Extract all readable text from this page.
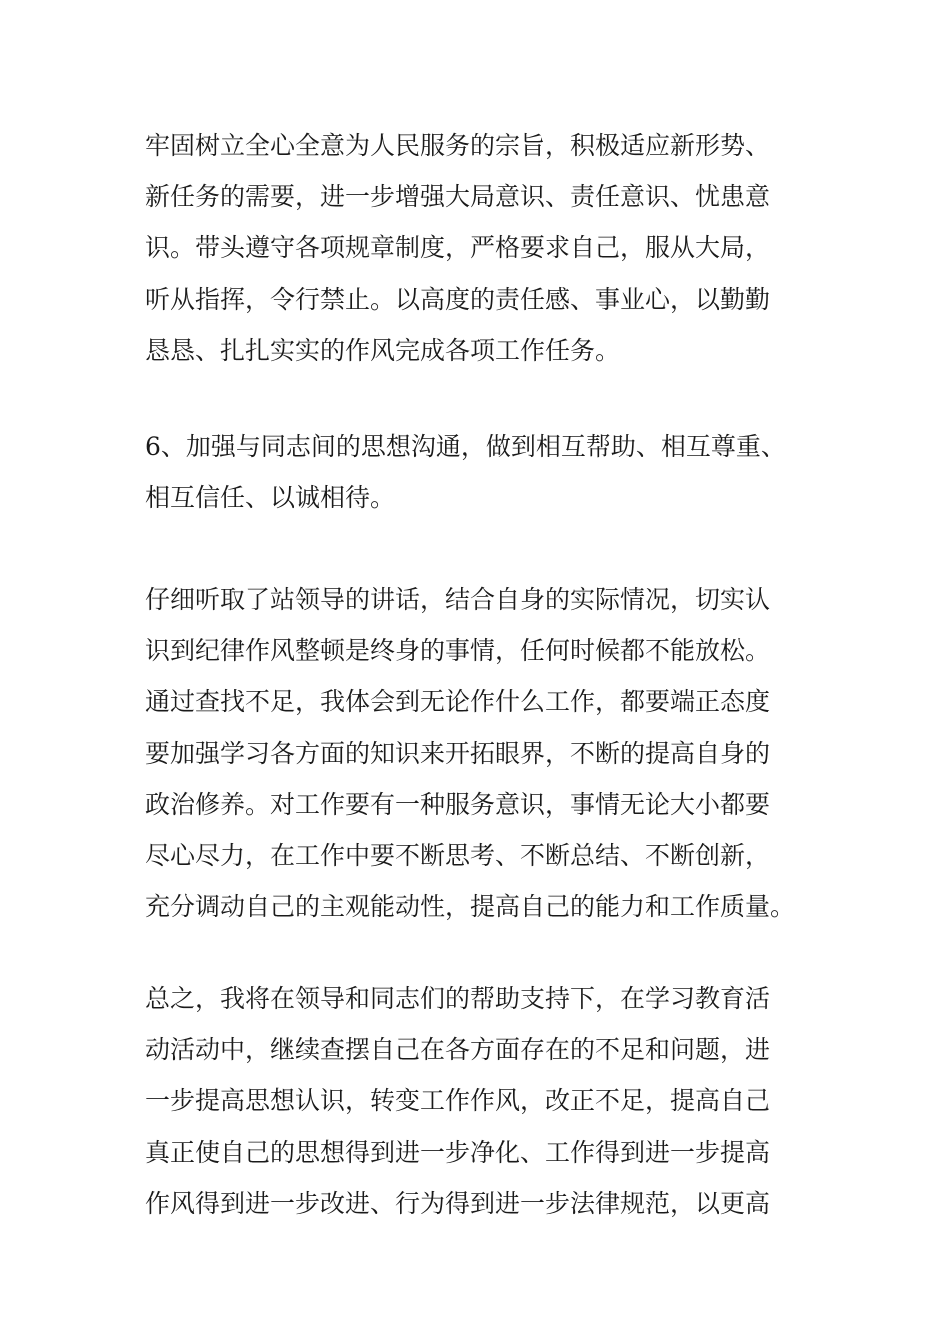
牢固树立全心全意为人民服务的宗旨，积极适应新形势、
新任务的需要，进一步增强大局意识、责任意识、忧患意
识。带头遵守各项规章制度，严格要求自己，服从大局，
听从指挥，令行禁止。以高度的责任感、事业心，以勤勤
恳恳、扎扎实实的作风完成各项工作任务。
6、加强与同志间的思想沟通，做到相互帮助、相互尊重、
相互信任、以诚相待。
仔细听取了站领导的讲话，结合自身的实际情况，切实认
识到纪律作风整顿是终身的事情，任何时候都不能放松。
通过查找不足，我体会到无论作什么工作，都要端正态度
要加强学习各方面的知识来开拓眼界，不断的提高自身的
政治修养。对工作要有一种服务意识，事情无论大小都要
尽心尽力，在工作中要不断思考、不断总结、不断创新，
充分调动自己的主观能动性，提高自己的能力和工作质量。
总之，我将在领导和同志们的帮助支持下，在学习教育活
动活动中，继续查摆自己在各方面存在的不足和问题，进
一步提高思想认识，转变工作作风，改正不足，提高自己
真正使自己的思想得到进一步净化、工作得到进一步提高
作风得到进一步改进、行为得到进一步法律规范，以更高
